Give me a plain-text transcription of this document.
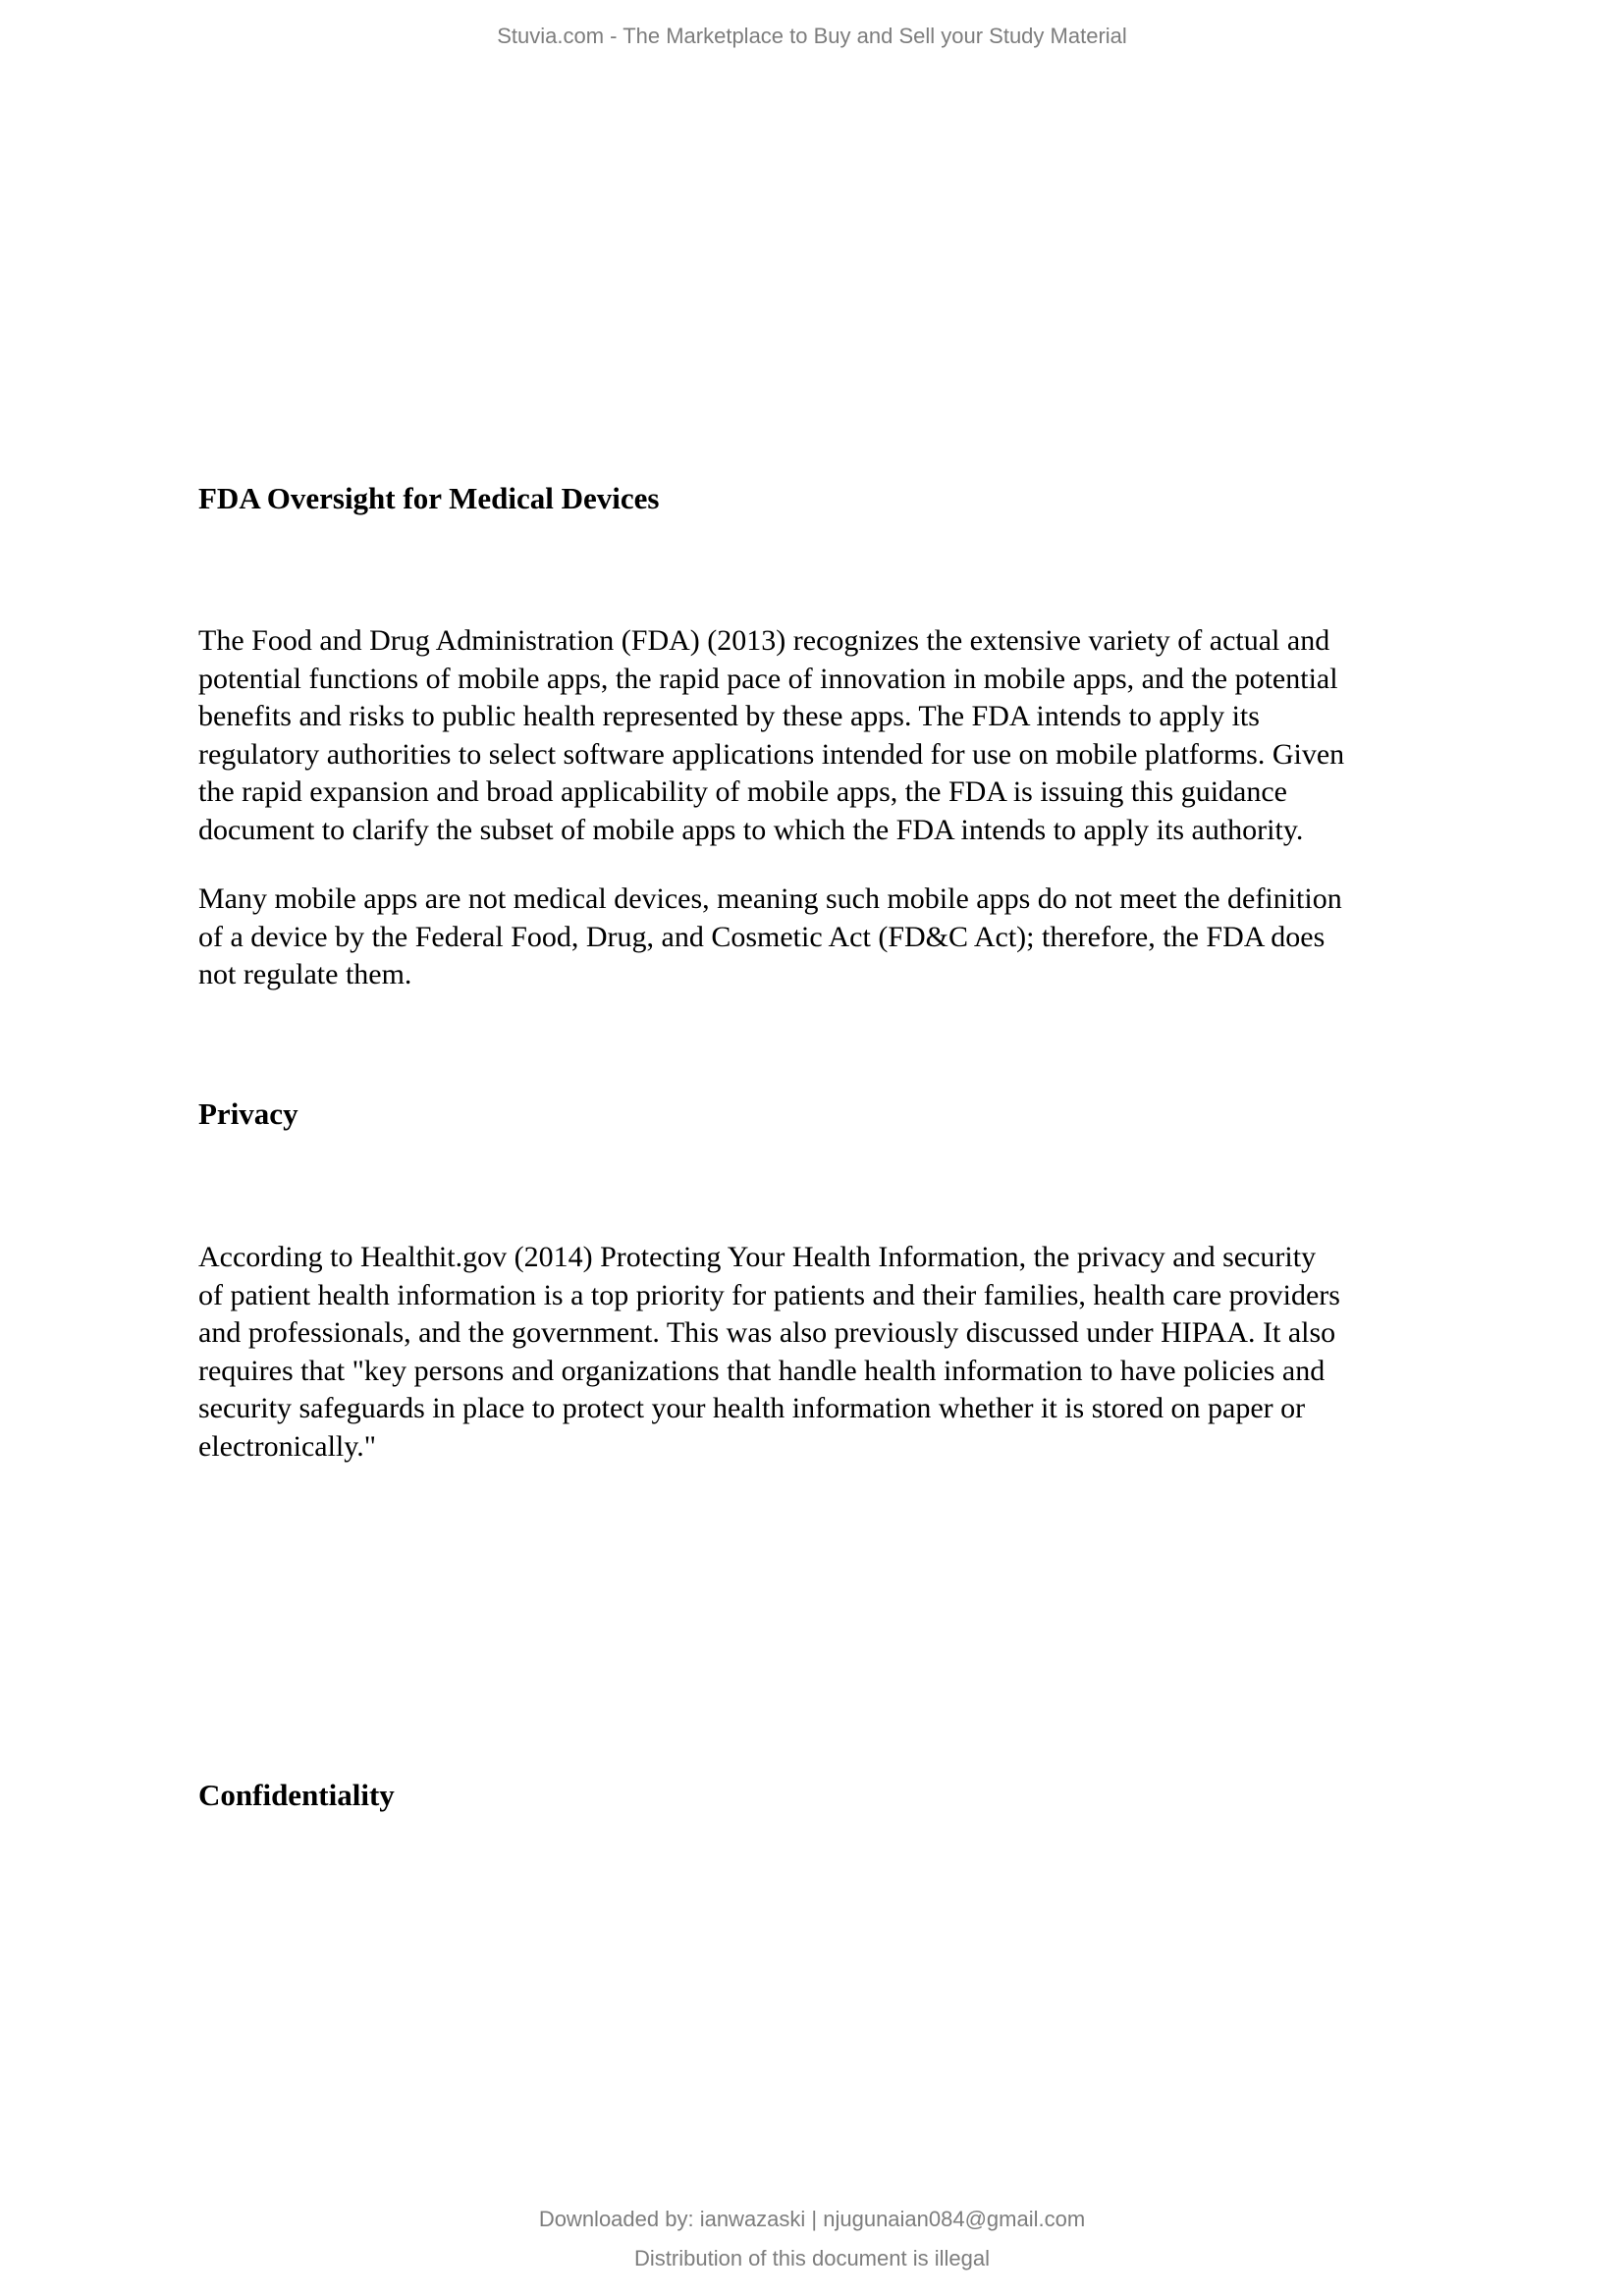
Stuvia.com - The Marketplace to Buy and Sell your Study Material
FDA Oversight for Medical Devices
The Food and Drug Administration (FDA) (2013) recognizes the extensive variety of actual and
potential functions of mobile apps, the rapid pace of innovation in mobile apps, and the potential
benefits and risks to public health represented by these apps. The FDA intends to apply its
regulatory authorities to select software applications intended for use on mobile platforms. Given
the rapid expansion and broad applicability of mobile apps, the FDA is issuing this guidance
document to clarify the subset of mobile apps to which the FDA intends to apply its authority.
Many mobile apps are not medical devices, meaning such mobile apps do not meet the definition
of a device by the Federal Food, Drug, and Cosmetic Act (FD&C Act); therefore, the FDA does
not regulate them.
Privacy
According to Healthit.gov (2014) Protecting Your Health Information, the privacy and security
of patient health information is a top priority for patients and their families, health care providers
and professionals, and the government. This was also previously discussed under HIPAA. It also
requires that "key persons and organizations that handle health information to have policies and
security safeguards in place to protect your health information whether it is stored on paper or
electronically."
Confidentiality
Downloaded by: ianwazaski | njugunaian084@gmail.com
Distribution of this document is illegal
